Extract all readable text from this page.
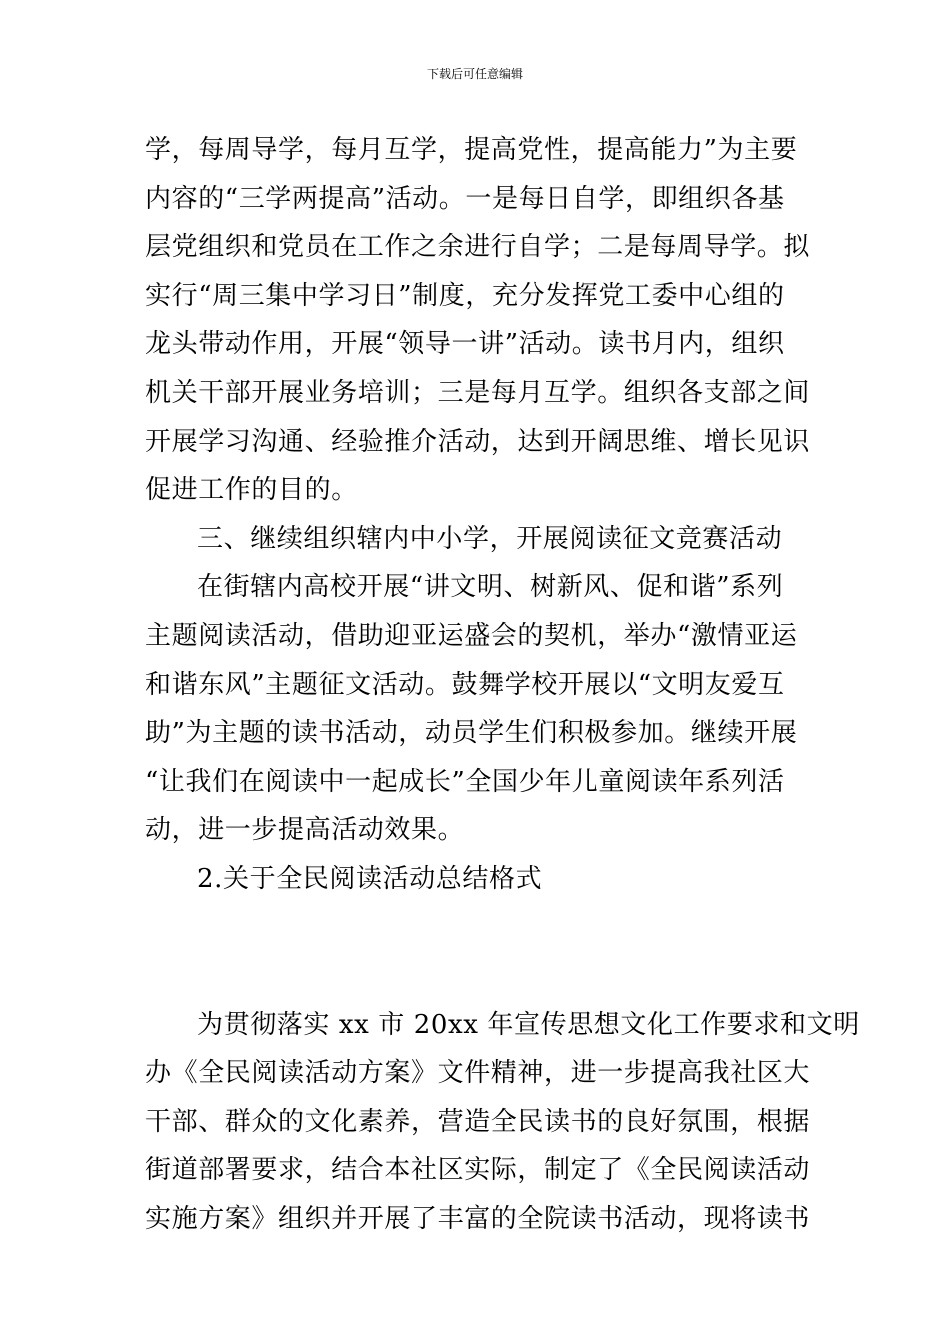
下载后可任意编辑
学，每周导学，每月互学，提高党性，提高能力”为主要
内容的“三学两提高”活动。一是每日自学，即组织各基
层党组织和党员在工作之余进行自学；二是每周导学。拟
实行“周三集中学习日”制度，充分发挥党工委中心组的
龙头带动作用，开展“领导一讲”活动。读书月内，组织
机关干部开展业务培训；三是每月互学。组织各支部之间
开展学习沟通、经验推介活动，达到开阔思维、增长见识
促进工作的目的。
三、继续组织辖内中小学，开展阅读征文竞赛活动
在街辖内高校开展“讲文明、树新风、促和谐”系列
主题阅读活动，借助迎亚运盛会的契机，举办“激情亚运
和谐东风”主题征文活动。鼓舞学校开展以“文明友爱互
助”为主题的读书活动，动员学生们积极参加。继续开展
“让我们在阅读中一起成长”全国少年儿童阅读年系列活
动，进一步提高活动效果。
2.关于全民阅读活动总结格式
为贯彻落实 xx 市 20xx 年宣传思想文化工作要求和文明
办《全民阅读活动方案》文件精神，进一步提高我社区大
干部、群众的文化素养，营造全民读书的良好氛围，根据
街道部署要求，结合本社区实际，制定了《全民阅读活动
实施方案》组织并开展了丰富的全院读书活动，现将读书
